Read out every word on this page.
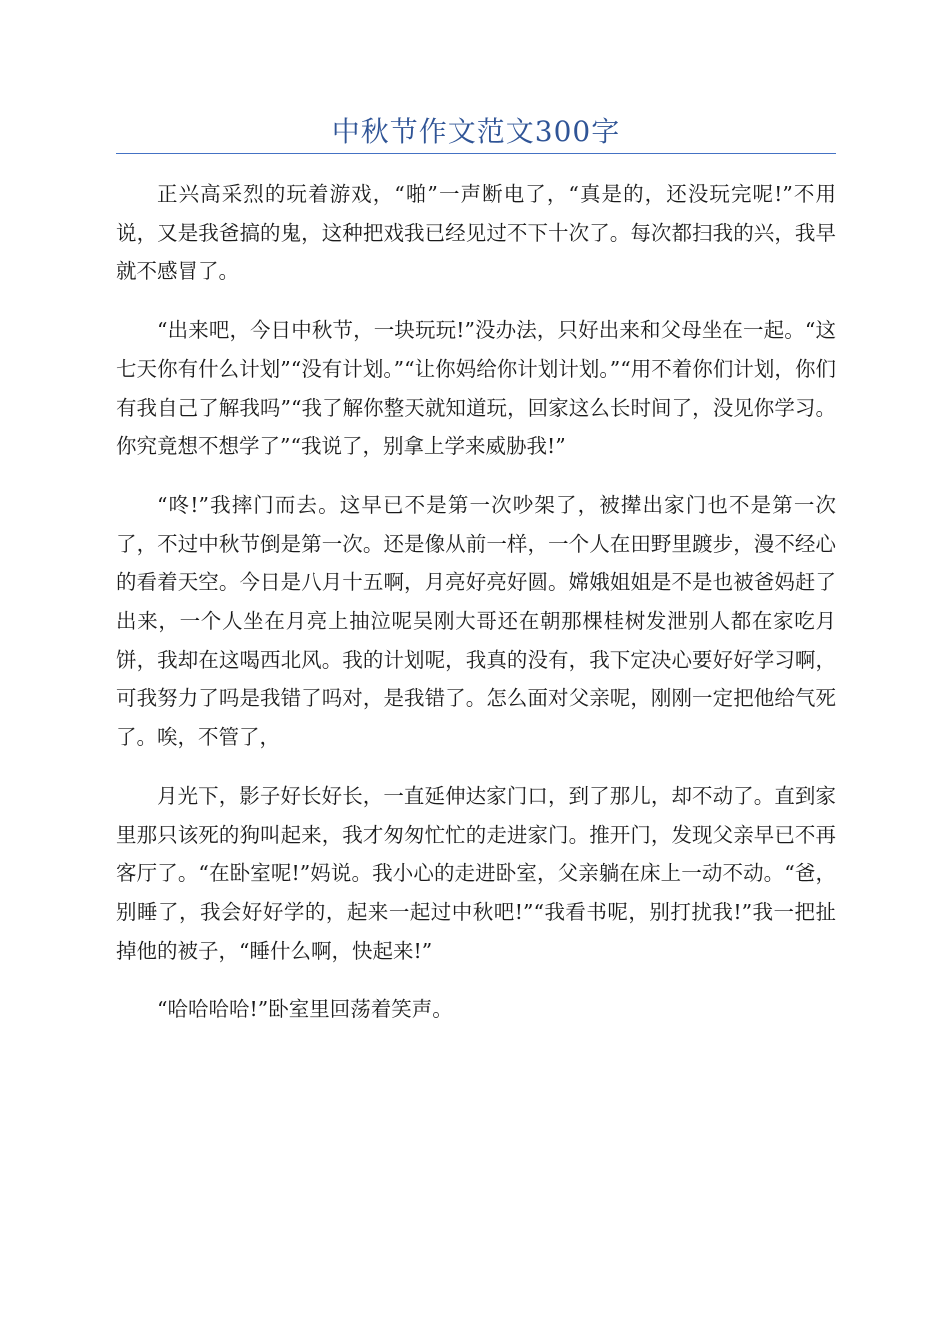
中秋节作文范文300字

正兴高采烈的玩着游戏，“啪”一声断电了，“真是的，还没玩完呢!”不用说，又是我爸搞的鬼，这种把戏我已经见过不下十次了。每次都扫我的兴，我早就不感冒了。

“出来吧，今日中秋节，一块玩玩!”没办法，只好出来和父母坐在一起。“这七天你有什么计划”“没有计划。”“让你妈给你计划计划。”“用不着你们计划，你们有我自己了解我吗”“我了解你整天就知道玩，回家这么长时间了，没见你学习。你究竟想不想学了”“我说了，别拿上学来威胁我!”

“咚!”我摔门而去。这早已不是第一次吵架了，被撵出家门也不是第一次了，不过中秋节倒是第一次。还是像从前一样，一个人在田野里踱步，漫不经心的看着天空。今日是八月十五啊，月亮好亮好圆。嫦娥姐姐是不是也被爸妈赶了出来，一个人坐在月亮上抽泣呢吴刚大哥还在朝那棵桂树发泄别人都在家吃月饼，我却在这喝西北风。我的计划呢，我真的没有，我下定决心要好好学习啊，可我努力了吗是我错了吗对，是我错了。怎么面对父亲呢，刚刚一定把他给气死了。唉，不管了，

月光下，影子好长好长，一直延伸达家门口，到了那儿，却不动了。直到家里那只该死的狗叫起来，我才匆匆忙忙的走进家门。推开门，发现父亲早已不再客厅了。“在卧室呢!”妈说。我小心的走进卧室，父亲躺在床上一动不动。“爸，别睡了，我会好好学的，起来一起过中秋吧!”“我看书呢，别打扰我!”我一把扯掉他的被子，“睡什么啊，快起来!”

“哈哈哈哈!”卧室里回荡着笑声。
